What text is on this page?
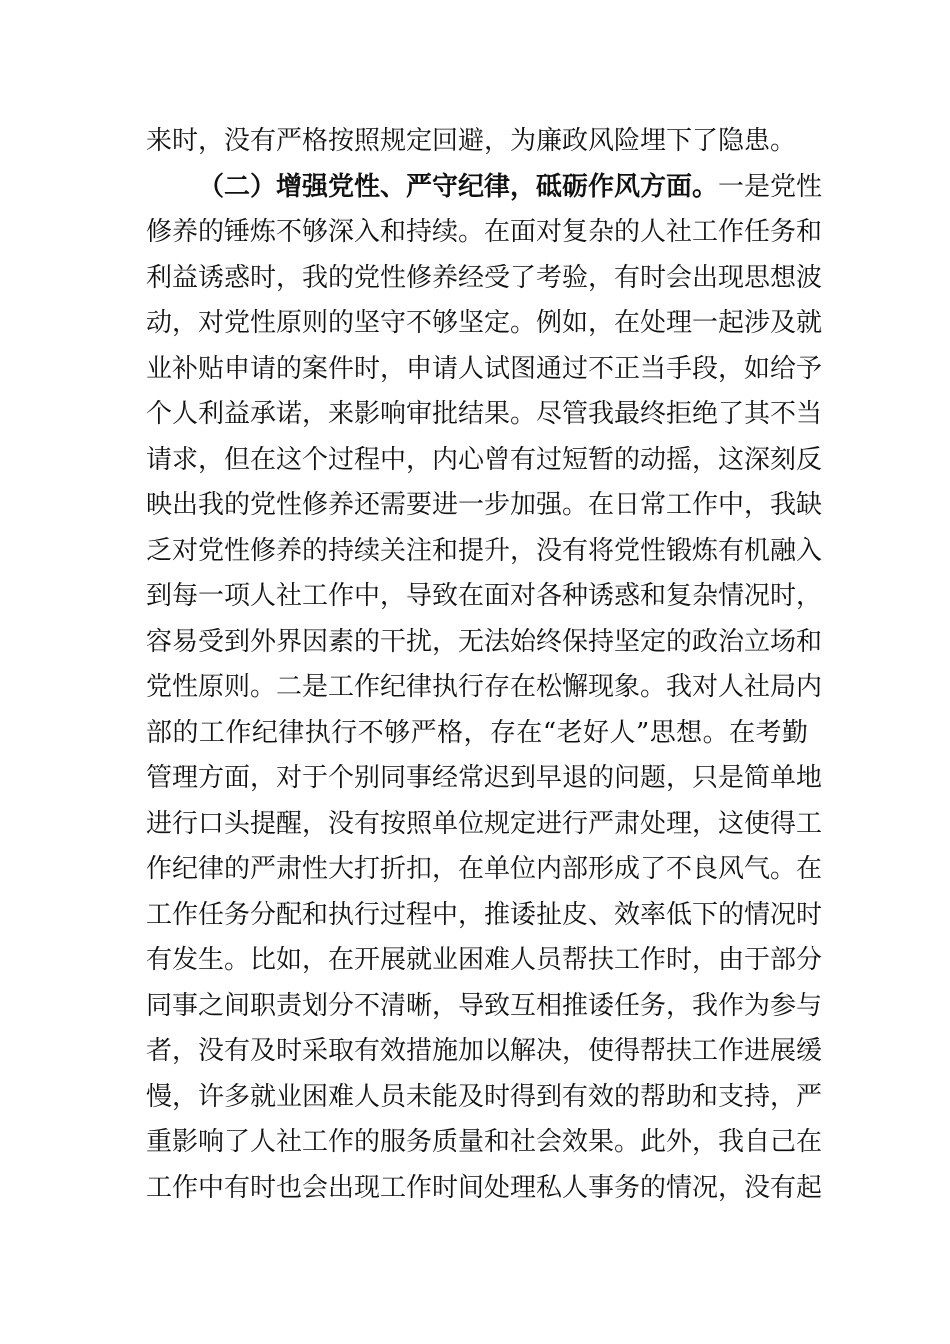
来时，没有严格按照规定回避，为廉政风险埋下了隐患。
（二）增强党性、严守纪律，砥砺作风方面。一是党性
修养的锤炼不够深入和持续。在面对复杂的人社工作任务和
利益诱惑时，我的党性修养经受了考验，有时会出现思想波
动，对党性原则的坚守不够坚定。例如，在处理一起涉及就
业补贴申请的案件时，申请人试图通过不正当手段，如给予
个人利益承诺，来影响审批结果。尽管我最终拒绝了其不当
请求，但在这个过程中，内心曾有过短暂的动摇，这深刻反
映出我的党性修养还需要进一步加强。在日常工作中，我缺
乏对党性修养的持续关注和提升，没有将党性锻炼有机融入
到每一项人社工作中，导致在面对各种诱惑和复杂情况时，
容易受到外界因素的干扰，无法始终保持坚定的政治立场和
党性原则。二是工作纪律执行存在松懈现象。我对人社局内
部的工作纪律执行不够严格，存在“老好人”思想。在考勤
管理方面，对于个别同事经常迟到早退的问题，只是简单地
进行口头提醒，没有按照单位规定进行严肃处理，这使得工
作纪律的严肃性大打折扣，在单位内部形成了不良风气。在
工作任务分配和执行过程中，推诿扯皮、效率低下的情况时
有发生。比如，在开展就业困难人员帮扶工作时，由于部分
同事之间职责划分不清晰，导致互相推诿任务，我作为参与
者，没有及时采取有效措施加以解决，使得帮扶工作进展缓
慢，许多就业困难人员未能及时得到有效的帮助和支持，严
重影响了人社工作的服务质量和社会效果。此外，我自己在
工作中有时也会出现工作时间处理私人事务的情况，没有起
